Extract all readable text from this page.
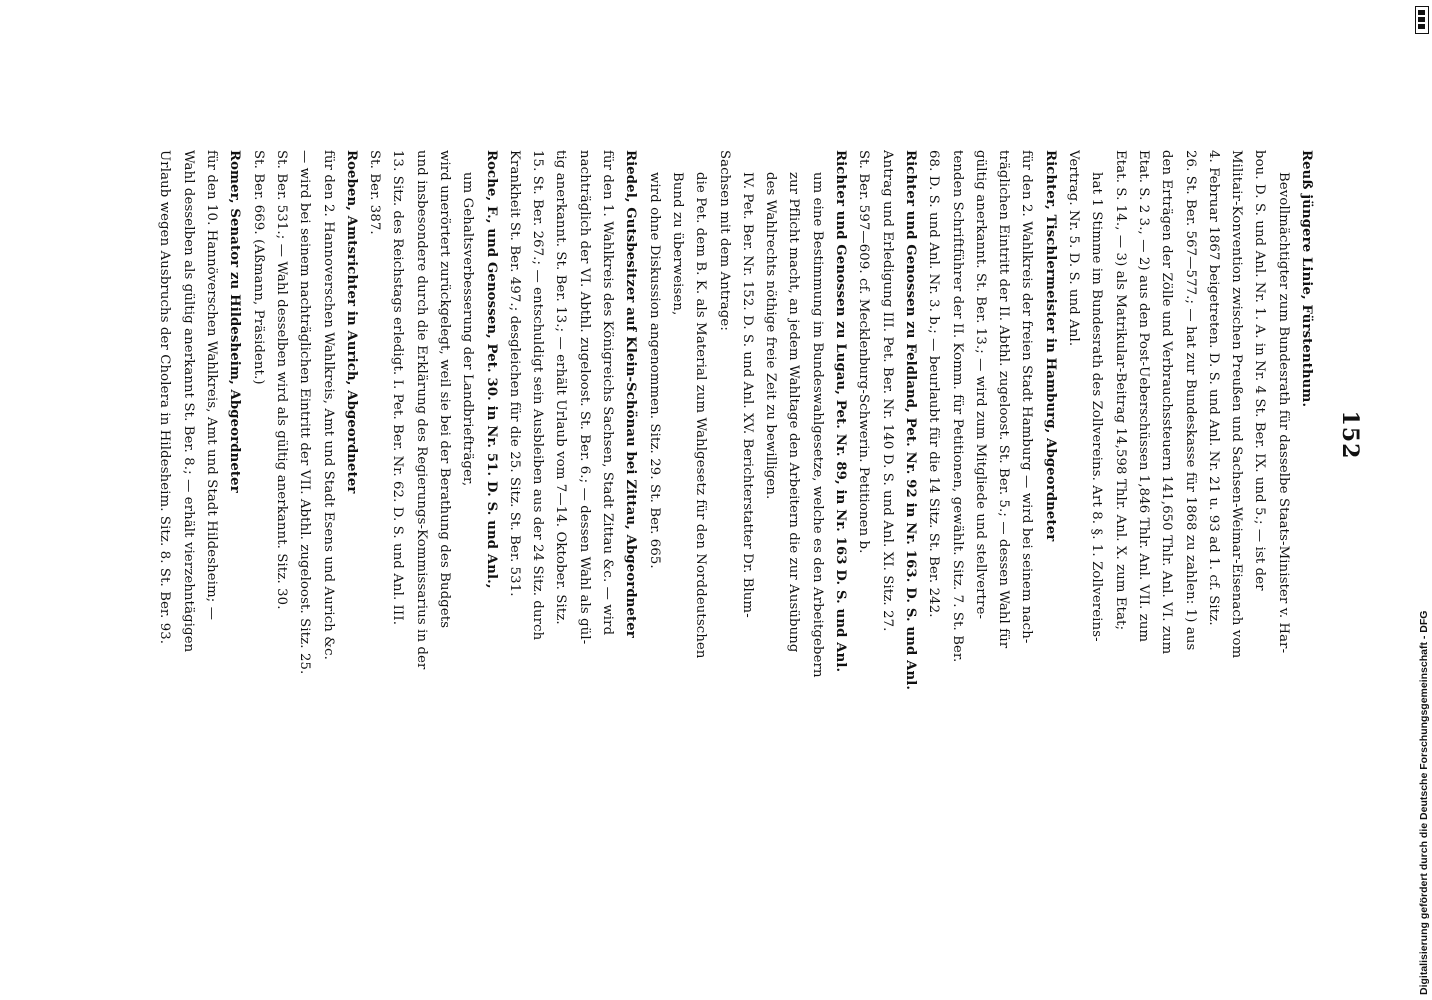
152
Reuß jüngere Linie, Fürstenthum.
Bevollmächtigter zum Bundesrath für dasselbe Staats-Minister v. Har-
bou. D. S. und Anl. Nr. 1. A. in Nr. 4 St. Ber. IX. und 5.; — ist der
Militair-Konvention zwischen Preußen und Sachsen-Weimar-Eisenach vom
4. Februar 1867 beigetreten. D. S. und Anl. Nr. 21 u. 93 ad 1. cf. Sitz.
26. St. Ber. 567—577.; — hat zur Bundeskasse für 1868 zu zahlen: 1) aus
den Erträgen der Zölle und Verbrauchssteuern 141,650 Thlr. Anl. VI. zum
Etat. S. 2 3., — 2) aus den Post-Ueberschüssen 1,846 Thlr. Anl. VII. zum
Etat. S. 14., — 3) als Matrikular-Beitrag 14,598 Thlr. Anl. X. zum Etat;
hat 1 Stimme im Bundesrath des Zollvereins. Art 8. §. 1. Zollvereins-
Vertrag. Nr. 5. D. S. und Anl.
Richter, Tischlermeister in Hamburg, Abgeordneter
für den 2. Wahlkreis der freien Stadt Hamburg — wird bei seinem nach-
träglichen Eintritt der II. Abthl. zugeloost. St. Ber. 5.; — dessen Wahl für
gültig anerkannt. St. Ber. 13.; — wird zum Mitgliede und stellvertre-
tenden Schriftführer der II. Komm. für Petitionen, gewählt. Sitz. 7. St. Ber.
68. D. S. und Anl. Nr. 3. b.; — beurlaubt für die 14 Sitz. St. Ber. 242.
Richter und Genossen zu Feldland, Pet. Nr. 92 in Nr. 163. D. S. und Anl.
Antrag und Erledigung III. Pet. Ber. Nr. 140 D. S. und Anl. XI. Sitz. 27.
St. Ber. 597—609. cf. Mecklenburg-Schwerin. Petitionen b.
Richter und Genossen zu Lugau, Pet. Nr. 89, in Nr. 163 D. S. und Anl.
um eine Bestimmung im Bundeswahlgesetze, welche es den Arbeitgebern
zur Pflicht macht, an jedem Wahltage den Arbeitern die zur Ausübung
des Wahlrechts nöthige freie Zeit zu bewilligen.
IV. Pet. Ber. Nr. 152. D. S. und Anl. XV. Berichterstatter Dr. Blum-
Sachsen mit dem Antrage:
die Pet. dem B. K. als Material zum Wahlgesetz für den Norddeutschen
Bund zu überweisen,
wird ohne Diskussion angenommen. Sitz. 29. St. Ber. 665.
Riedel, Gutsbesitzer auf Klein-Schönau bei Zittau, Abgeordneter
für den 1. Wahlkreis des Königreichs Sachsen, Stadt Zittau &c. — wird
nachträglich der VI. Abthl. zugeloost. St. Ber. 6.; — dessen Wahl als gül-
tig anerkannt. St. Ber. 13.; — erhält Urlaub vom 7—14. Oktober. Sitz.
15. St. Ber. 267.; — entschuldigt sein Ausbleiben aus der 24 Sitz. durch
Krankheit St. Ber. 497.; desgleichen für die 25. Sitz. St. Ber. 531.
Roche, F., und Genossen, Pet. 30. in Nr. 51. D. S. und Anl.,
um Gehaltsverbesserung der Landbriefträger,
wird unerörtert zurückgelegt, weil sie bei der Berathung des Budgets
und insbesondere durch die Erklärung des Regierungs-Kommissarius in der
13. Sitz. des Reichstags erledigt. I. Pet. Ber. Nr. 62. D. S. und Anl. III.
St. Ber. 387.
Roeben, Amtsrichter in Aurich, Abgeordneter
für den 2. Hannoverschen Wahlkreis, Amt und Stadt Esens und Aurich &c.
— wird bei seinem nachträglichen Eintritt der VII. Abthl. zugeloost. Sitz. 25.
St. Ber. 531.; — Wahl desselben wird als gültig anerkannt. Sitz. 30.
St. Ber. 669. (Aßmann, Präsident.)
Romer, Senator zu Hildesheim, Abgeordneter
für den 10. Hannöverschen Wahlkreis, Amt und Stadt Hildesheim; —
Wahl desselben als gültig anerkannt St. Ber. 8.; — erhält vierzehntägigen
Urlaub wegen Ausbruchs der Cholera in Hildesheim. Sitz. 8. St. Ber. 93.
Digitalisierung gefördert durch die Deutsche Forschungsgemeinschaft - DFG
